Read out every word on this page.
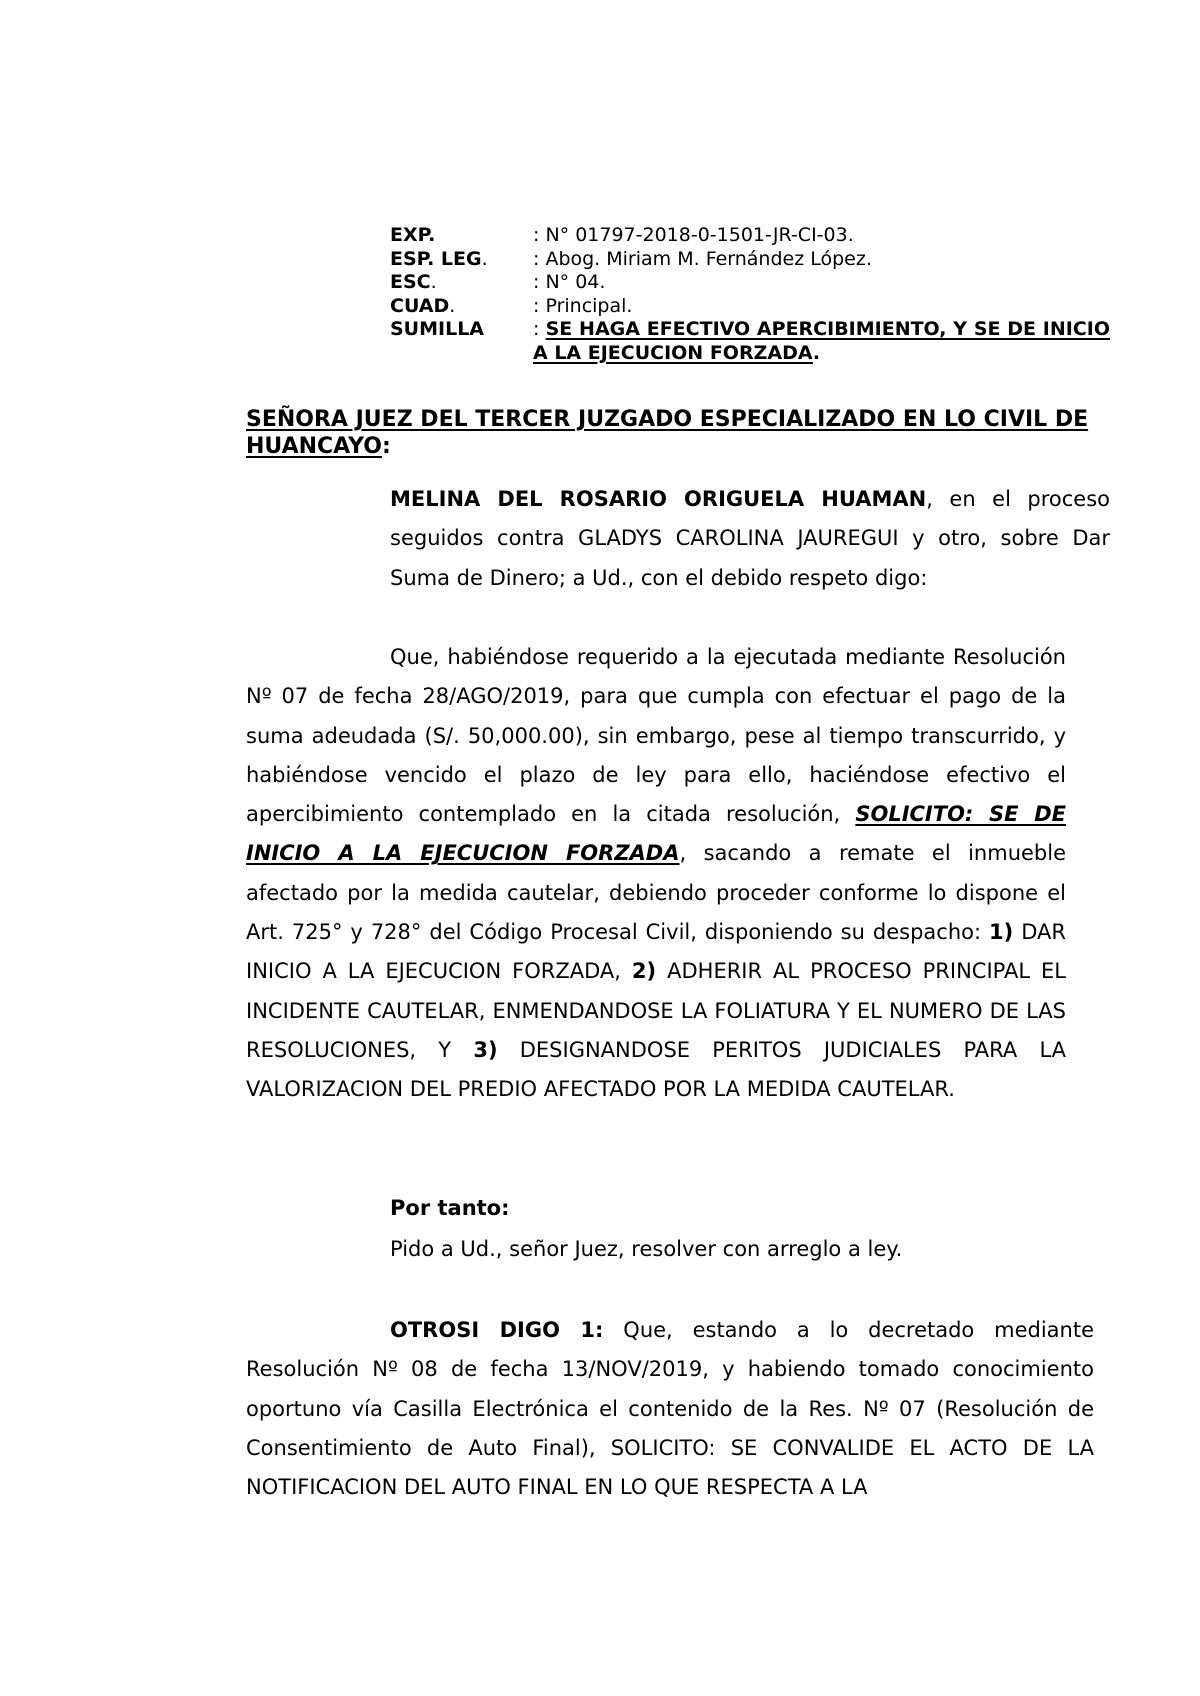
EXP.	: N° 01797-2018-0-1501-JR-CI-03.
ESP. LEG.	: Abog. Miriam M. Fernández López.
ESC.	: N° 04.
CUAD.	: Principal.
SUMILLA	: SE HAGA EFECTIVO APERCIBIMIENTO, Y SE DE INICIO A LA EJECUCION FORZADA.
SEÑORA JUEZ DEL TERCER JUZGADO ESPECIALIZADO EN LO CIVIL DE HUANCAYO:
MELINA DEL ROSARIO ORIGUELA HUAMAN, en el proceso seguidos contra GLADYS CAROLINA JAUREGUI y otro, sobre Dar Suma de Dinero; a Ud., con el debido respeto digo:
Que, habiéndose requerido a la ejecutada mediante Resolución Nº 07 de fecha 28/AGO/2019, para que cumpla con efectuar el pago de la suma adeudada (S/. 50,000.00), sin embargo, pese al tiempo transcurrido, y habiéndose vencido el plazo de ley para ello, haciéndose efectivo el apercibimiento contemplado en la citada resolución, SOLICITO: SE DE INICIO A LA EJECUCION FORZADA, sacando a remate el inmueble afectado por la medida cautelar, debiendo proceder conforme lo dispone el Art. 725° y 728° del Código Procesal Civil, disponiendo su despacho: 1) DAR INICIO A LA EJECUCION FORZADA, 2) ADHERIR AL PROCESO PRINCIPAL EL INCIDENTE CAUTELAR, ENMENDANDOSE LA FOLIATURA Y EL NUMERO DE LAS RESOLUCIONES, Y 3) DESIGNANDOSE PERITOS JUDICIALES PARA LA VALORIZACION DEL PREDIO AFECTADO POR LA MEDIDA CAUTELAR.
Por tanto:
Pido a Ud., señor Juez, resolver con arreglo a ley.
OTROSI DIGO 1: Que, estando a lo decretado mediante Resolución Nº 08 de fecha 13/NOV/2019, y habiendo tomado conocimiento oportuno vía Casilla Electrónica el contenido de la Res. Nº 07 (Resolución de Consentimiento de Auto Final), SOLICITO: SE CONVALIDE EL ACTO DE LA NOTIFICACION DEL AUTO FINAL EN LO QUE RESPECTA A LA
